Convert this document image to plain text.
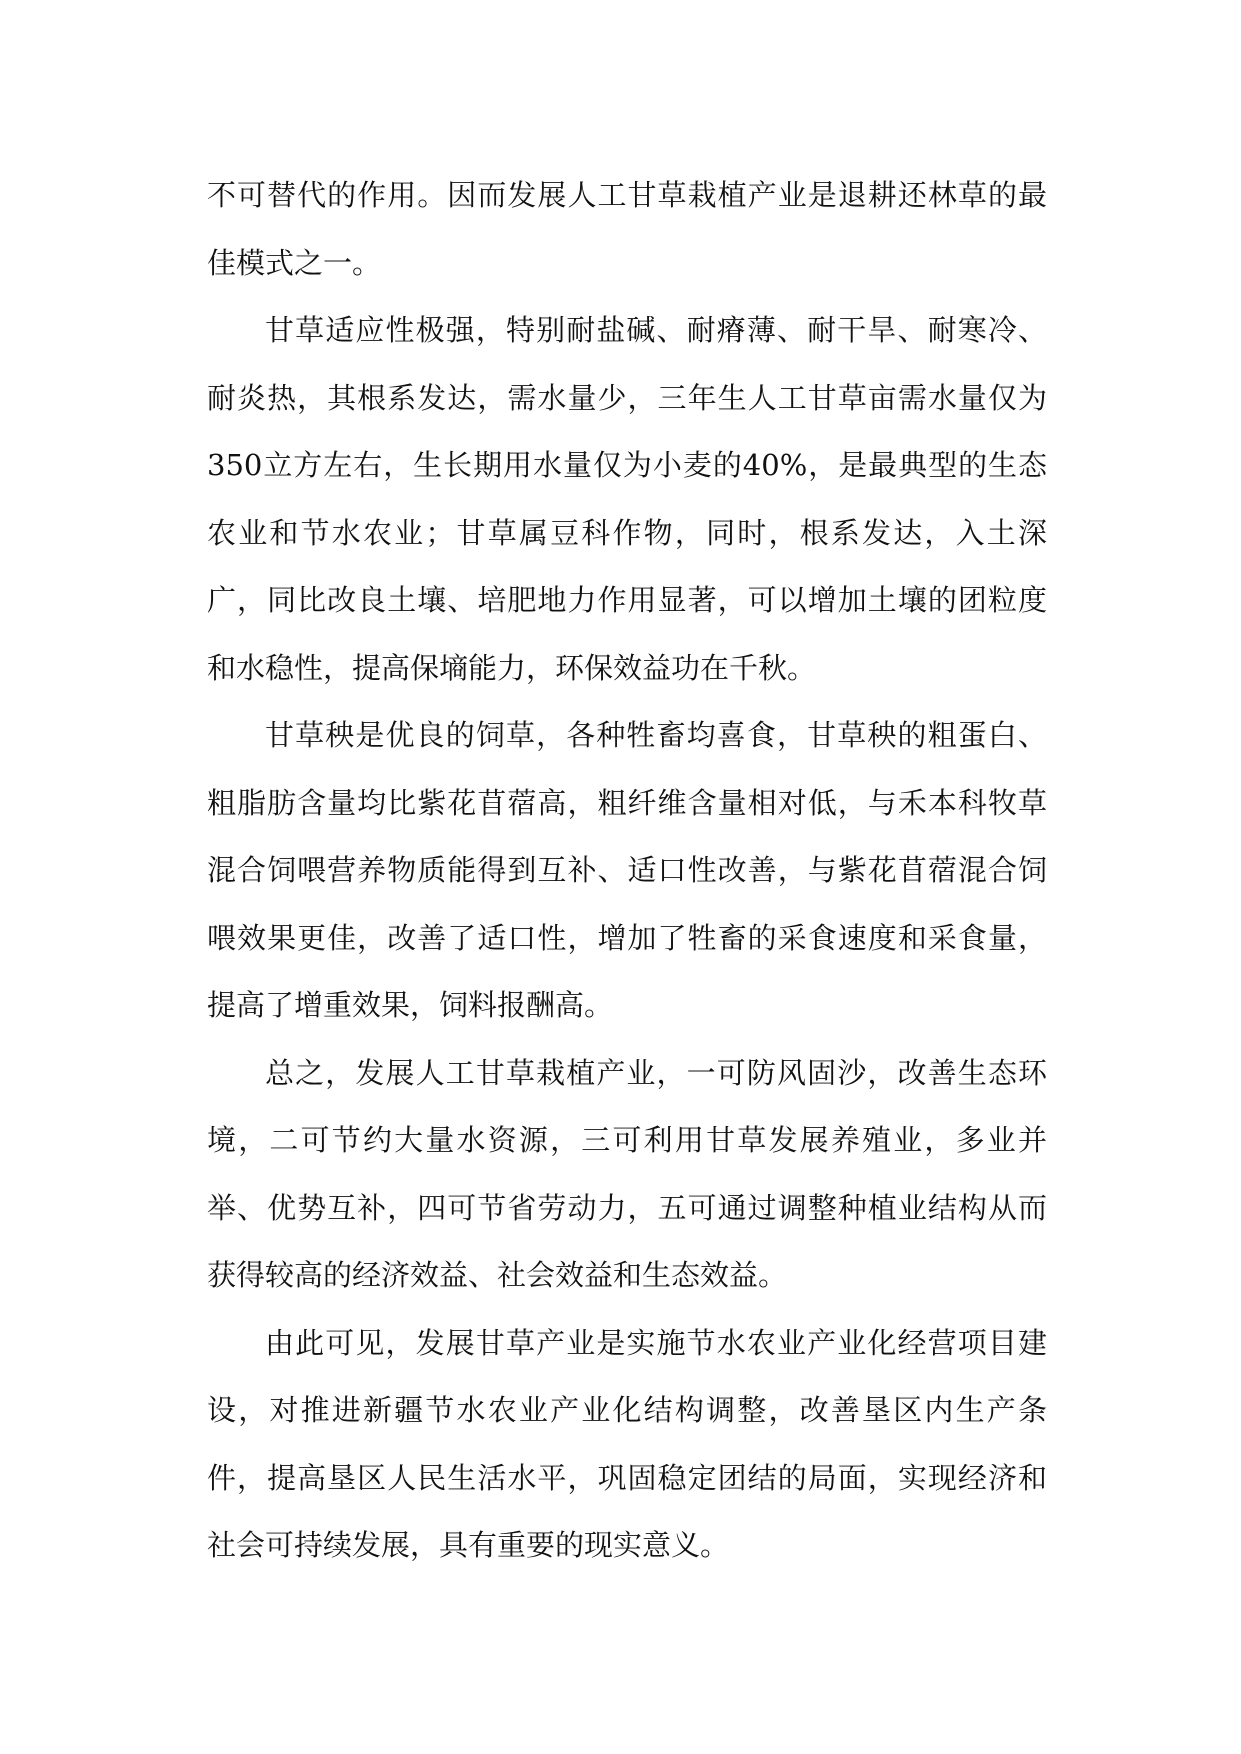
不可替代的作用。因而发展人工甘草栽植产业是退耕还林草的最佳模式之一。

甘草适应性极强，特别耐盐碱、耐瘠薄、耐干旱、耐寒冷、耐炎热，其根系发达，需水量少，三年生人工甘草亩需水量仅为350立方左右，生长期用水量仅为小麦的40%，是最典型的生态农业和节水农业；甘草属豆科作物，同时，根系发达，入土深广，同比改良土壤、培肥地力作用显著，可以增加土壤的团粒度和水稳性，提高保墒能力，环保效益功在千秋。

甘草秧是优良的饲草，各种牲畜均喜食，甘草秧的粗蛋白、粗脂肪含量均比紫花苜蓿高，粗纤维含量相对低，与禾本科牧草混合饲喂营养物质能得到互补、适口性改善，与紫花苜蓿混合饲喂效果更佳，改善了适口性，增加了牲畜的采食速度和采食量，提高了增重效果，饲料报酬高。

总之，发展人工甘草栽植产业，一可防风固沙，改善生态环境，二可节约大量水资源，三可利用甘草发展养殖业，多业并举、优势互补，四可节省劳动力，五可通过调整种植业结构从而获得较高的经济效益、社会效益和生态效益。

由此可见，发展甘草产业是实施节水农业产业化经营项目建设，对推进新疆节水农业产业化结构调整，改善垦区内生产条件，提高垦区人民生活水平，巩固稳定团结的局面，实现经济和社会可持续发展，具有重要的现实意义。
